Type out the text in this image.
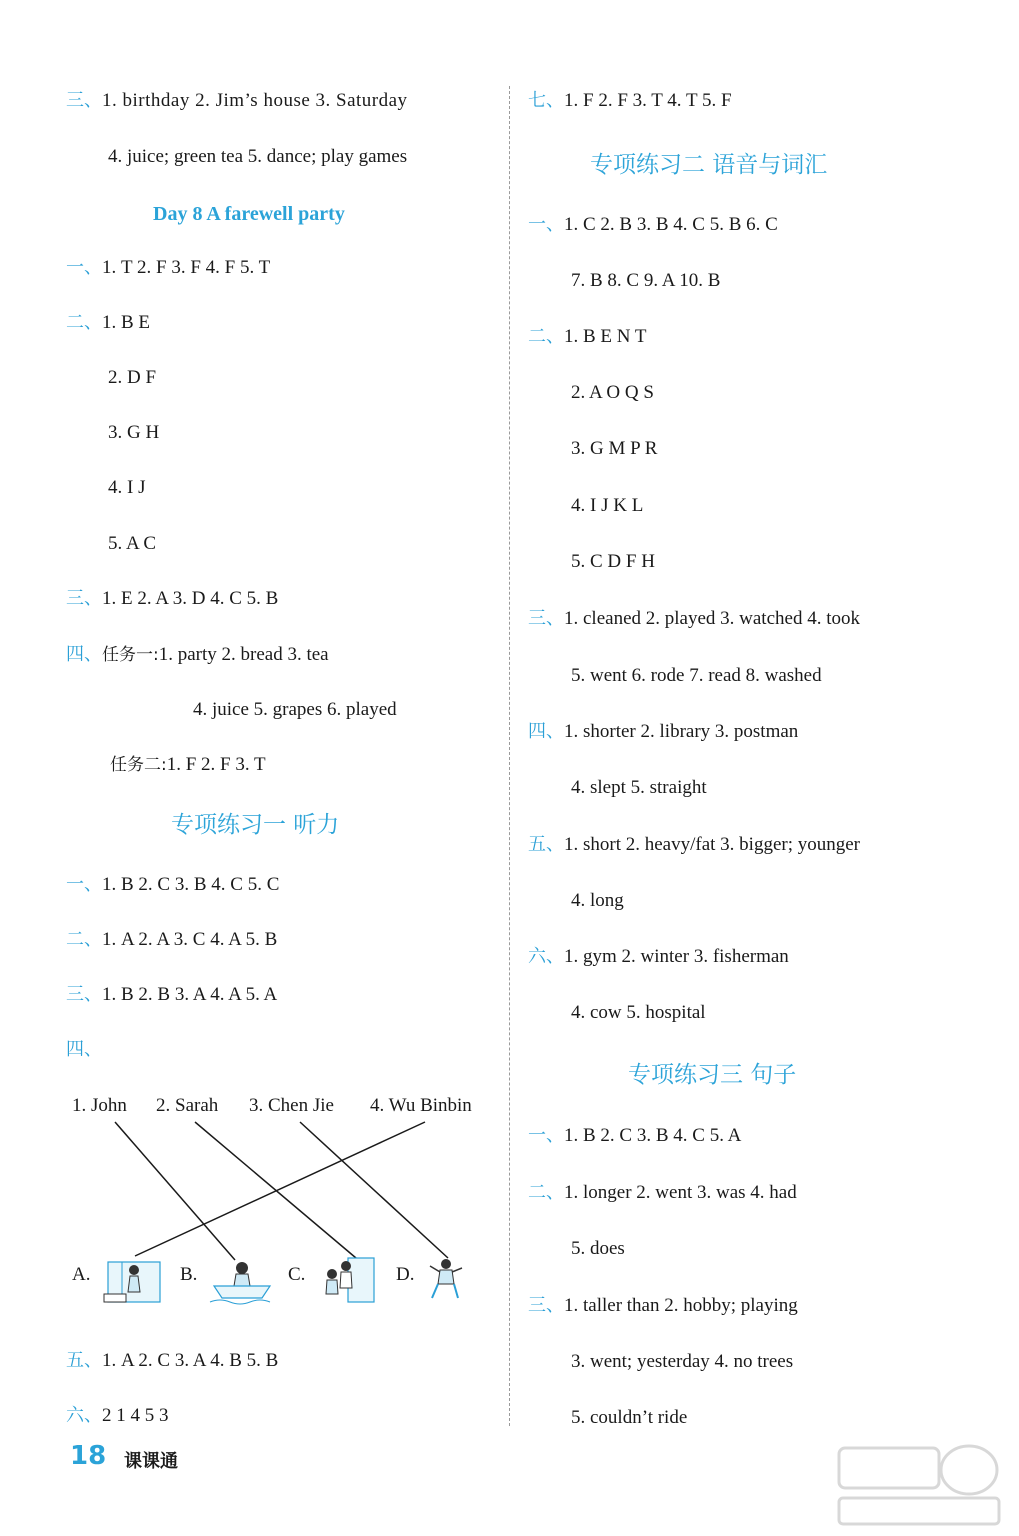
三、1. birthday 2. Jim’s house 3. Saturday
4. juice; green tea 5. dance; play games
Day 8 A farewell party
一、1. T 2. F 3. F 4. F 5. T
二、1. B E
2. D F
3. G H
4. I J
5. A C
三、1. E 2. A 3. D 4. C 5. B
四、任务一:1. party 2. bread 3. tea
4. juice 5. grapes 6. played
任务二:1. F 2. F 3. T
专项练习一 听力
一、1. B 2. C 3. B 4. C 5. C
二、1. A 2. A 3. C 4. A 5. B
三、1. B 2. B 3. A 4. A 5. A
四、
1. John 2. Sarah 3. Chen Jie 4. Wu Binbin
A.	B.	C.	D.
五、1. A 2. C 3. A 4. B 5. B
六、2 1 4 5 3
七、1. F 2. F 3. T 4. T 5. F
专项练习二 语音与词汇
一、1. C 2. B 3. B 4. C 5. B 6. C
7. B 8. C 9. A 10. B
二、1. B E N T
2. A O Q S
3. G M P R
4. I J K L
5. C D F H
三、1. cleaned 2. played 3. watched 4. took
5. went 6. rode 7. read 8. washed
四、1. shorter 2. library 3. postman
4. slept 5. straight
五、1. short 2. heavy/fat 3. bigger; younger
4. long
六、1. gym 2. winter 3. fisherman
4. cow 5. hospital
专项练习三 句子
一、1. B 2. C 3. B 4. C 5. A
二、1. longer 2. went 3. was 4. had
5. does
三、1. taller than 2. hobby; playing
3. went; yesterday 4. no trees
5. couldn’t ride
18 课课通
